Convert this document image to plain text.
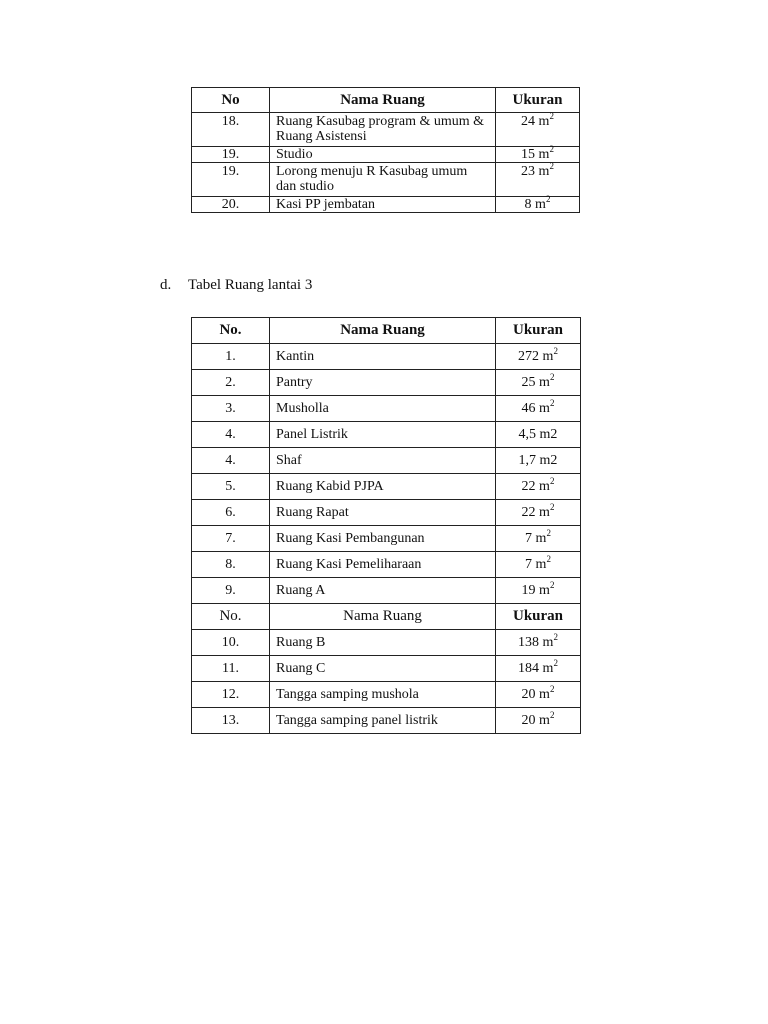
No	Nama Ruang	Ukuran
18.	Ruang Kasubag program & umum & Ruang Asistensi	24 $m^2$
19.	Studio	15 $m^2$
19.	Lorong menuju R Kasubag umum dan studio	23 $m^2$
20.	Kasi PP jembatan	8 $m^2$
d. Tabel Ruang lantai 3
No.	Nama Ruang	Ukuran
1.	Kantin	272 $m^2$
2.	Pantry	25 $m^2$
3.	Musholla	46 $m^2$
4.	Panel Listrik	4,5 m2
4.	Shaf	1,7 m2
5.	Ruang Kabid PJPA	22 $m^2$
6.	Ruang Rapat	22 $m^2$
7.	Ruang Kasi Pembangunan	7 $m^2$
8.	Ruang Kasi Pemeliharaan	7 $m^2$
9.	Ruang A	19 $m^2$
No.	Nama Ruang	Ukuran
10.	Ruang B	138 $m^2$
11.	Ruang C	184 $m^2$
12.	Tangga samping mushola	20 $m^2$
13.	Tangga samping panel listrik	20 $m^2$
